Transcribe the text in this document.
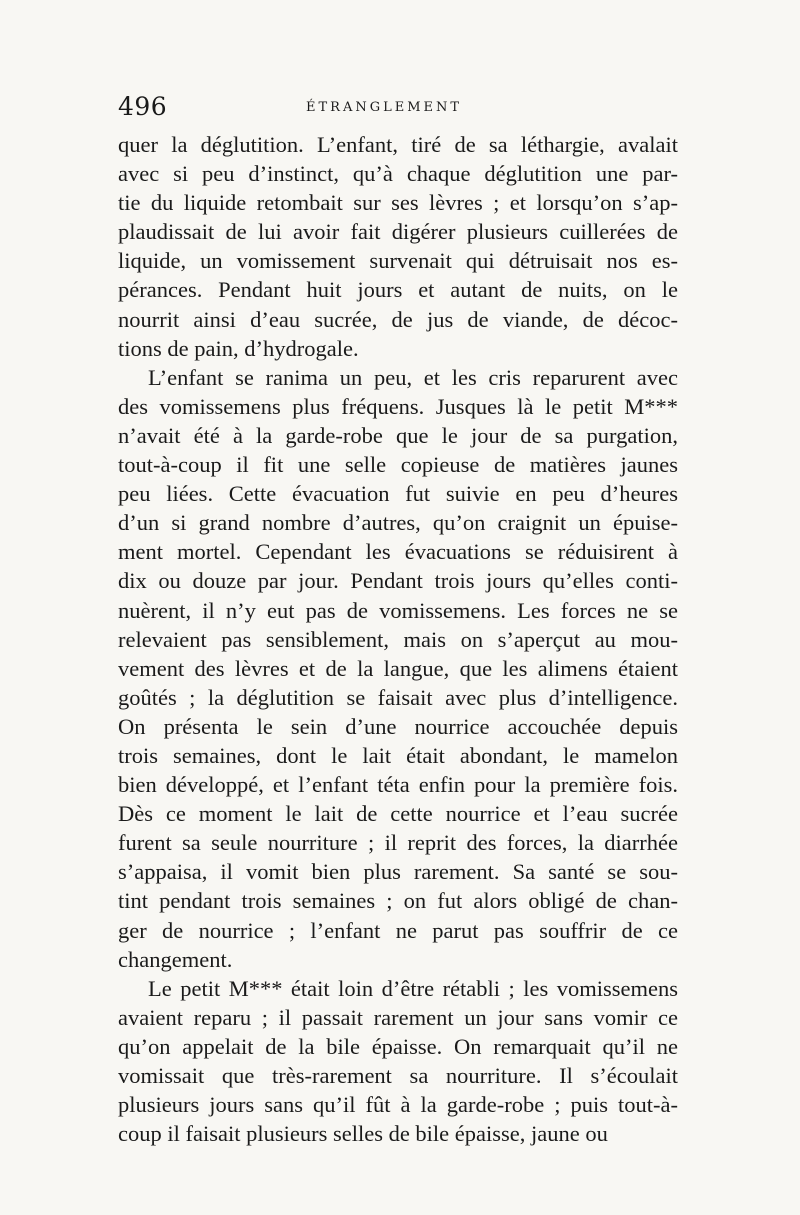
496	ÉTRANGLEMENT
quer la déglutition. L’enfant, tiré de sa léthargie, avalait
avec si peu d’instinct, qu’à chaque déglutition une par-
tie du liquide retombait sur ses lèvres ; et lorsqu’on s’ap-
plaudissait de lui avoir fait digérer plusieurs cuillerées de
liquide, un vomissement survenait qui détruisait nos es-
pérances. Pendant huit jours et autant de nuits, on le
nourrit ainsi d’eau sucrée, de jus de viande, de décoc-
tions de pain, d’hydrogale.
L’enfant se ranima un peu, et les cris reparurent avec
des vomissemens plus fréquens. Jusques là le petit M***
n’avait été à la garde-robe que le jour de sa purgation,
tout-à-coup il fit une selle copieuse de matières jaunes
peu liées. Cette évacuation fut suivie en peu d’heures
d’un si grand nombre d’autres, qu’on craignit un épuise-
ment mortel. Cependant les évacuations se réduisirent à
dix ou douze par jour. Pendant trois jours qu’elles conti-
nuèrent, il n’y eut pas de vomissemens. Les forces ne se
relevaient pas sensiblement, mais on s’aperçut au mou-
vement des lèvres et de la langue, que les alimens étaient
goûtés ; la déglutition se faisait avec plus d’intelligence.
On présenta le sein d’une nourrice accouchée depuis
trois semaines, dont le lait était abondant, le mamelon
bien développé, et l’enfant téta enfin pour la première fois.
Dès ce moment le lait de cette nourrice et l’eau sucrée
furent sa seule nourriture ; il reprit des forces, la diarrhée
s’appaisa, il vomit bien plus rarement. Sa santé se sou-
tint pendant trois semaines ; on fut alors obligé de chan-
ger de nourrice ; l’enfant ne parut pas souffrir de ce
changement.
Le petit M*** était loin d’être rétabli ; les vomissemens
avaient reparu ; il passait rarement un jour sans vomir ce
qu’on appelait de la bile épaisse. On remarquait qu’il ne
vomissait que très-rarement sa nourriture. Il s’écoulait
plusieurs jours sans qu’il fût à la garde-robe ; puis tout-à-
coup il faisait plusieurs selles de bile épaisse, jaune ou
